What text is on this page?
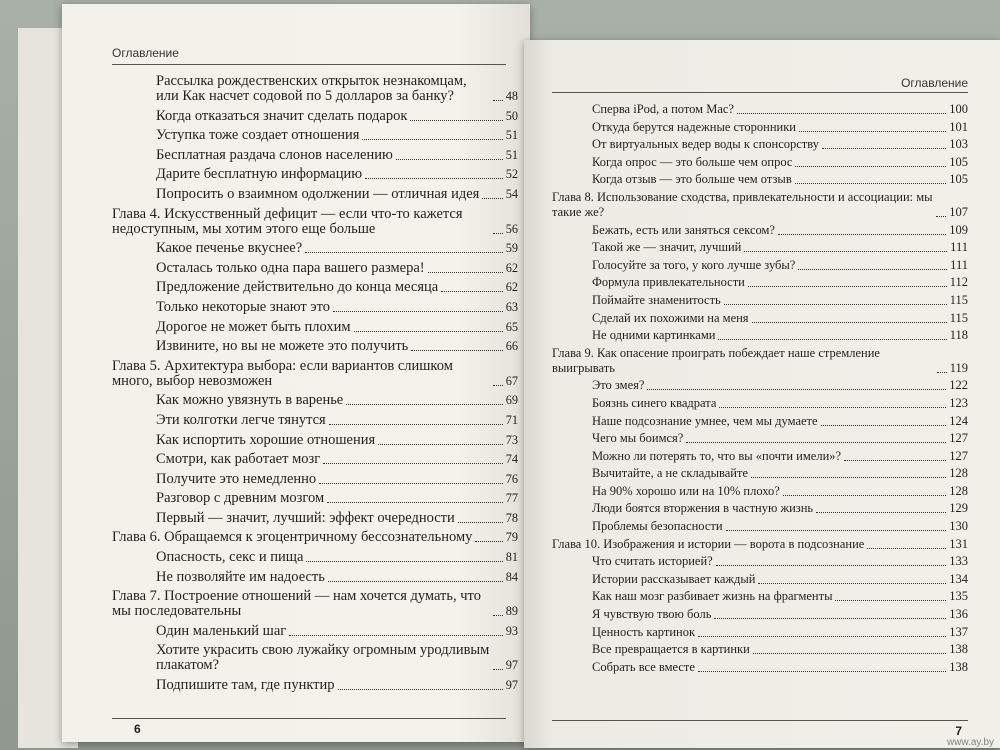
Оглавление
Рассылка рождественских открыток незнакомцам, или Как насчет содовой по 5 долларов за банку?	48
Когда отказаться значит сделать подарок	50
Уступка тоже создает отношения	51
Бесплатная раздача слонов населению	51
Дарите бесплатную информацию	52
Попросить о взаимном одолжении — отличная идея 54
Глава 4. Искусственный дефицит — если что-то кажется недоступным, мы хотим этого еще больше	56
Какое печенье вкуснее?	59
Осталась только одна пара вашего размера!	62
Предложение действительно до конца месяца	62
Только некоторые знают это	63
Дорогое не может быть плохим	65
Извините, но вы не можете это получить	66
Глава 5. Архитектура выбора: если вариантов слишком много, выбор невозможен	67
Как можно увязнуть в варенье	69
Эти колготки легче тянутся	71
Как испортить хорошие отношения	73
Смотри, как работает мозг	74
Получите это немедленно	76
Разговор с древним мозгом	77
Первый — значит, лучший: эффект очередности	78
Глава 6. Обращаемся к эгоцентричному бессознательному	79
Опасность, секс и пища	81
Не позволяйте им надоесть	84
Глава 7. Построение отношений — нам хочется думать, что мы последовательны	89
Один маленький шаг	93
Хотите украсить свою лужайку огромным уродливым плакатом?	97
Подпишите там, где пунктир	97
6
Оглавление
Сперва iPod, а потом Mac?	100
Откуда берутся надежные сторонники	101
От виртуальных ведер воды к спонсорству	103
Когда опрос — это больше чем опрос	105
Когда отзыв — это больше чем отзыв	105
Глава 8. Использование сходства, привлекательности и ассоциации: мы такие же?	107
Бежать, есть или заняться сексом?	109
Такой же — значит, лучший	111
Голосуйте за того, у кого лучше зубы?	111
Формула привлекательности	112
Поймайте знаменитость	115
Сделай их похожими на меня	115
Не одними картинками	118
Глава 9. Как опасение проиграть побеждает наше стремление выигрывать	119
Это змея?	122
Боязнь синего квадрата	123
Наше подсознание умнее, чем мы думаете	124
Чего мы боимся?	127
Можно ли потерять то, что вы «почти имели»?	127
Вычитайте, а не складывайте	128
На 90% хорошо или на 10% плохо?	128
Люди боятся вторжения в частную жизнь	129
Проблемы безопасности	130
Глава 10. Изображения и истории — ворота в подсознание	131
Что считать историей?	133
Истории рассказывает каждый	134
Как наш мозг разбивает жизнь на фрагменты	135
Я чувствую твою боль	136
Ценность картинок	137
Все превращается в картинки	138
Собрать все вместе	138
7
www.ay.by
